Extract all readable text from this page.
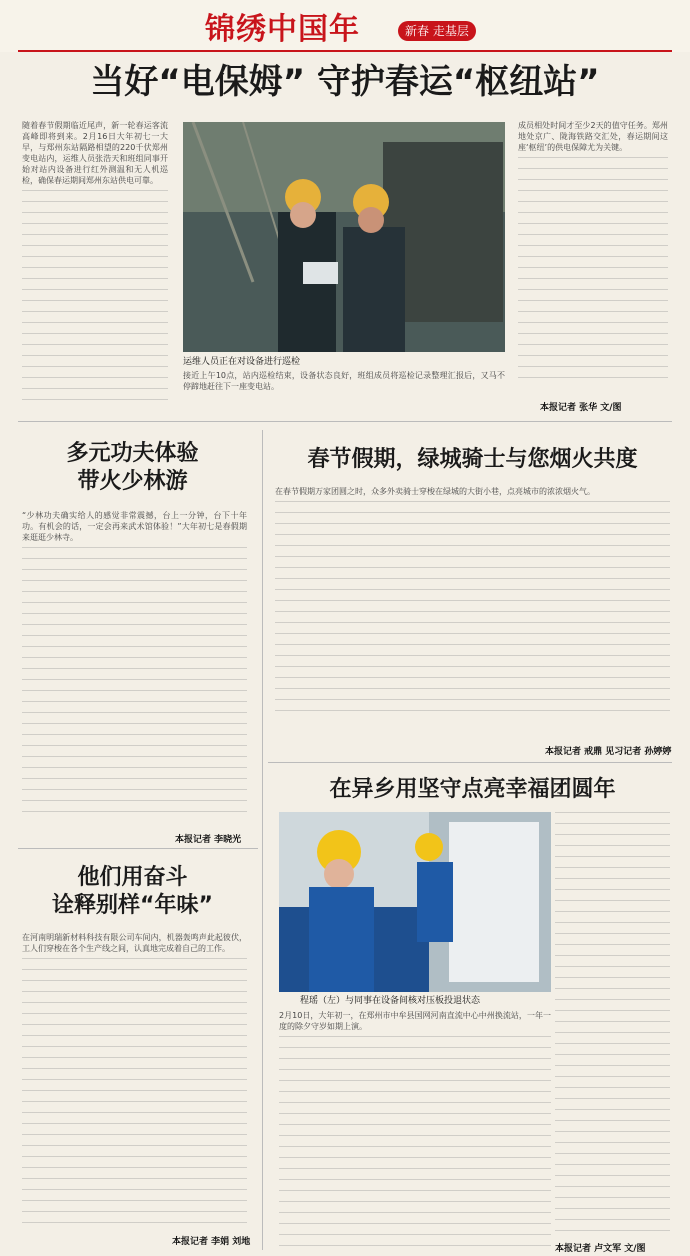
锦绣中国年	新春 走基层
当好“电保姆” 守护春运“枢纽站”
随着春节假期临近尾声，新一轮春运客流高峰即将到来。2月16日大年初七一大早，与郑州东站隔路相望的220千伏郑州变电站内，运维人员张浩天和班组同事开始对站内设备进行红外测温和无人机巡检，确保春运期间郑州东站供电可靠。
运维人员正在对设备进行巡检
成员相处时间才至少2天的值守任务。郑州地处京广、陇海铁路交汇处，春运期间这座‘枢纽’的供电保障尤为关键。
接近上午10点，站内巡检结束，设备状态良好，班组成员将巡检记录整理汇报后，又马不停蹄地赶往下一座变电站。
本报记者 张华 文/图
多元功夫体验
带火少林游
“少林功夫确实给人的感觉非常震撼，台上一分钟，台下十年功。有机会的话，一定会再来武术馆体验！”大年初七是春假期来逛逛少林寺。
本报记者 李晓光
春节假期，绿城骑士与您烟火共度
在春节假期万家团圆之时，众多外卖骑士穿梭在绿城的大街小巷，点亮城市的浓浓烟火气。
本报记者 戒鼎 见习记者 孙婷婷
他们用奋斗
诠释别样“年味”
在河南明瑞新材料科技有限公司车间内，机器轰鸣声此起彼伏，工人们穿梭在各个生产线之间，认真地完成着自己的工作。
本报记者 李娟 刘地
在异乡用坚守点亮幸福团圆年
程瑶（左）与同事在设备间核对压板投退状态
2月10日，大年初一，在郑州市中牟县国网河南直流中心中州换流站，一年一度的除夕守岁如期上演。
本报记者 卢文军 文/图
